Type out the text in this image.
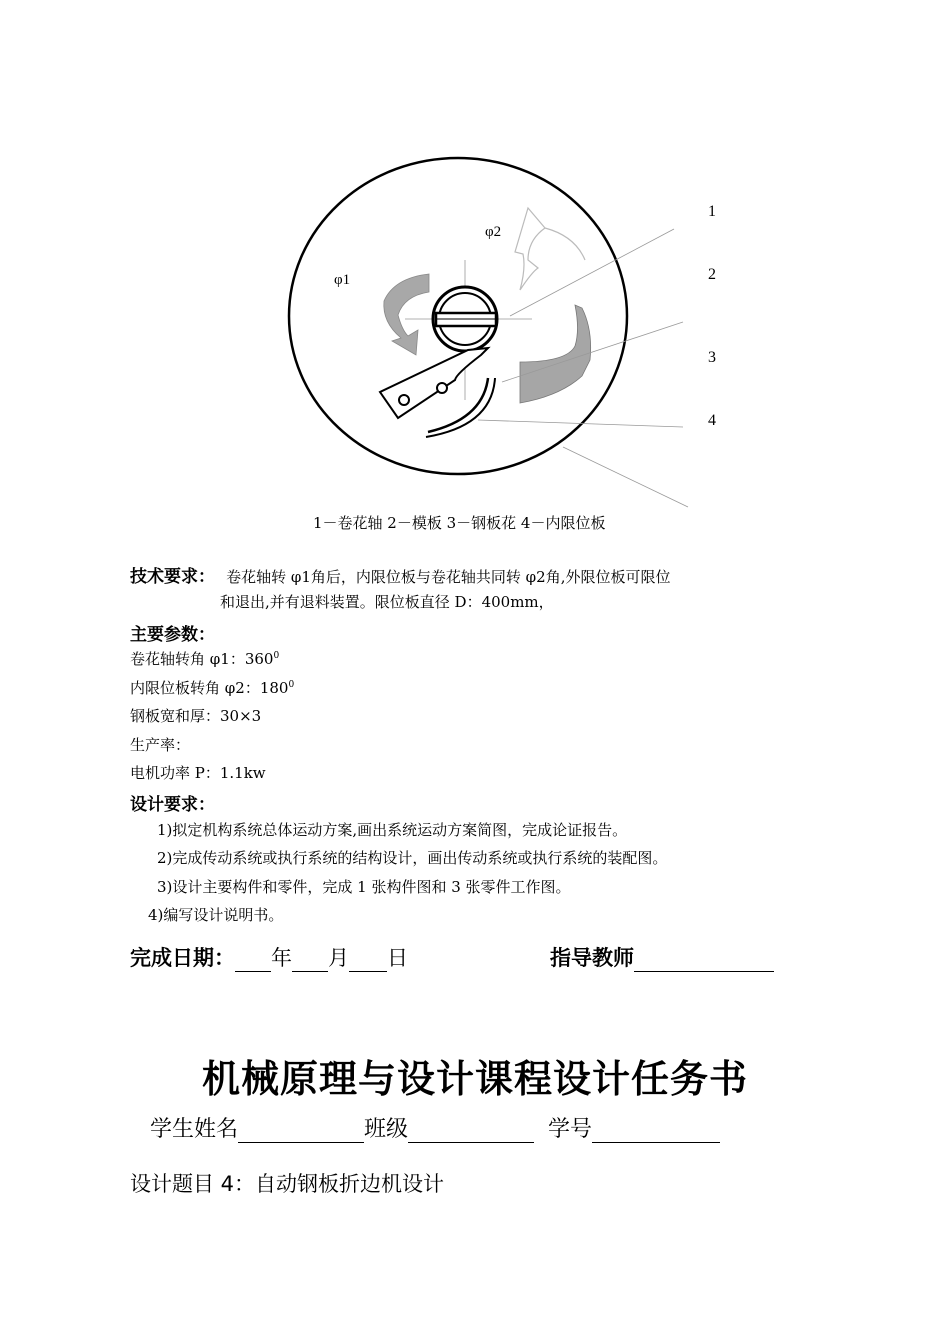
1
2
3
4
φ1
φ2
1－卷花轴 2－模板 3－钢板花 4－内限位板
技术要求： 卷花轴转 φ1角后，内限位板与卷花轴共同转 φ2角,外限位板可限位
和退出,并有退料装置。限位板直径 D：400mm，
主要参数：
卷花轴转角 φ1：$360^0$
内限位板转角 φ2：$180^0$
钢板宽和厚：30×3
生产率：
电机功率 P：1.1kw
设计要求：
1)拟定机构系统总体运动方案,画出系统运动方案简图，完成论证报告。
2)完成传动系统或执行系统的结构设计，画出传动系统或执行系统的装配图。
3)设计主要构件和零件，完成 1 张构件图和 3 张零件工作图。
4)编写设计说明书。
完成日期： 年 月 日	指导教师
机械原理与设计课程设计任务书
学生姓名	班级	学号
设计题目 4：自动钢板折边机设计
